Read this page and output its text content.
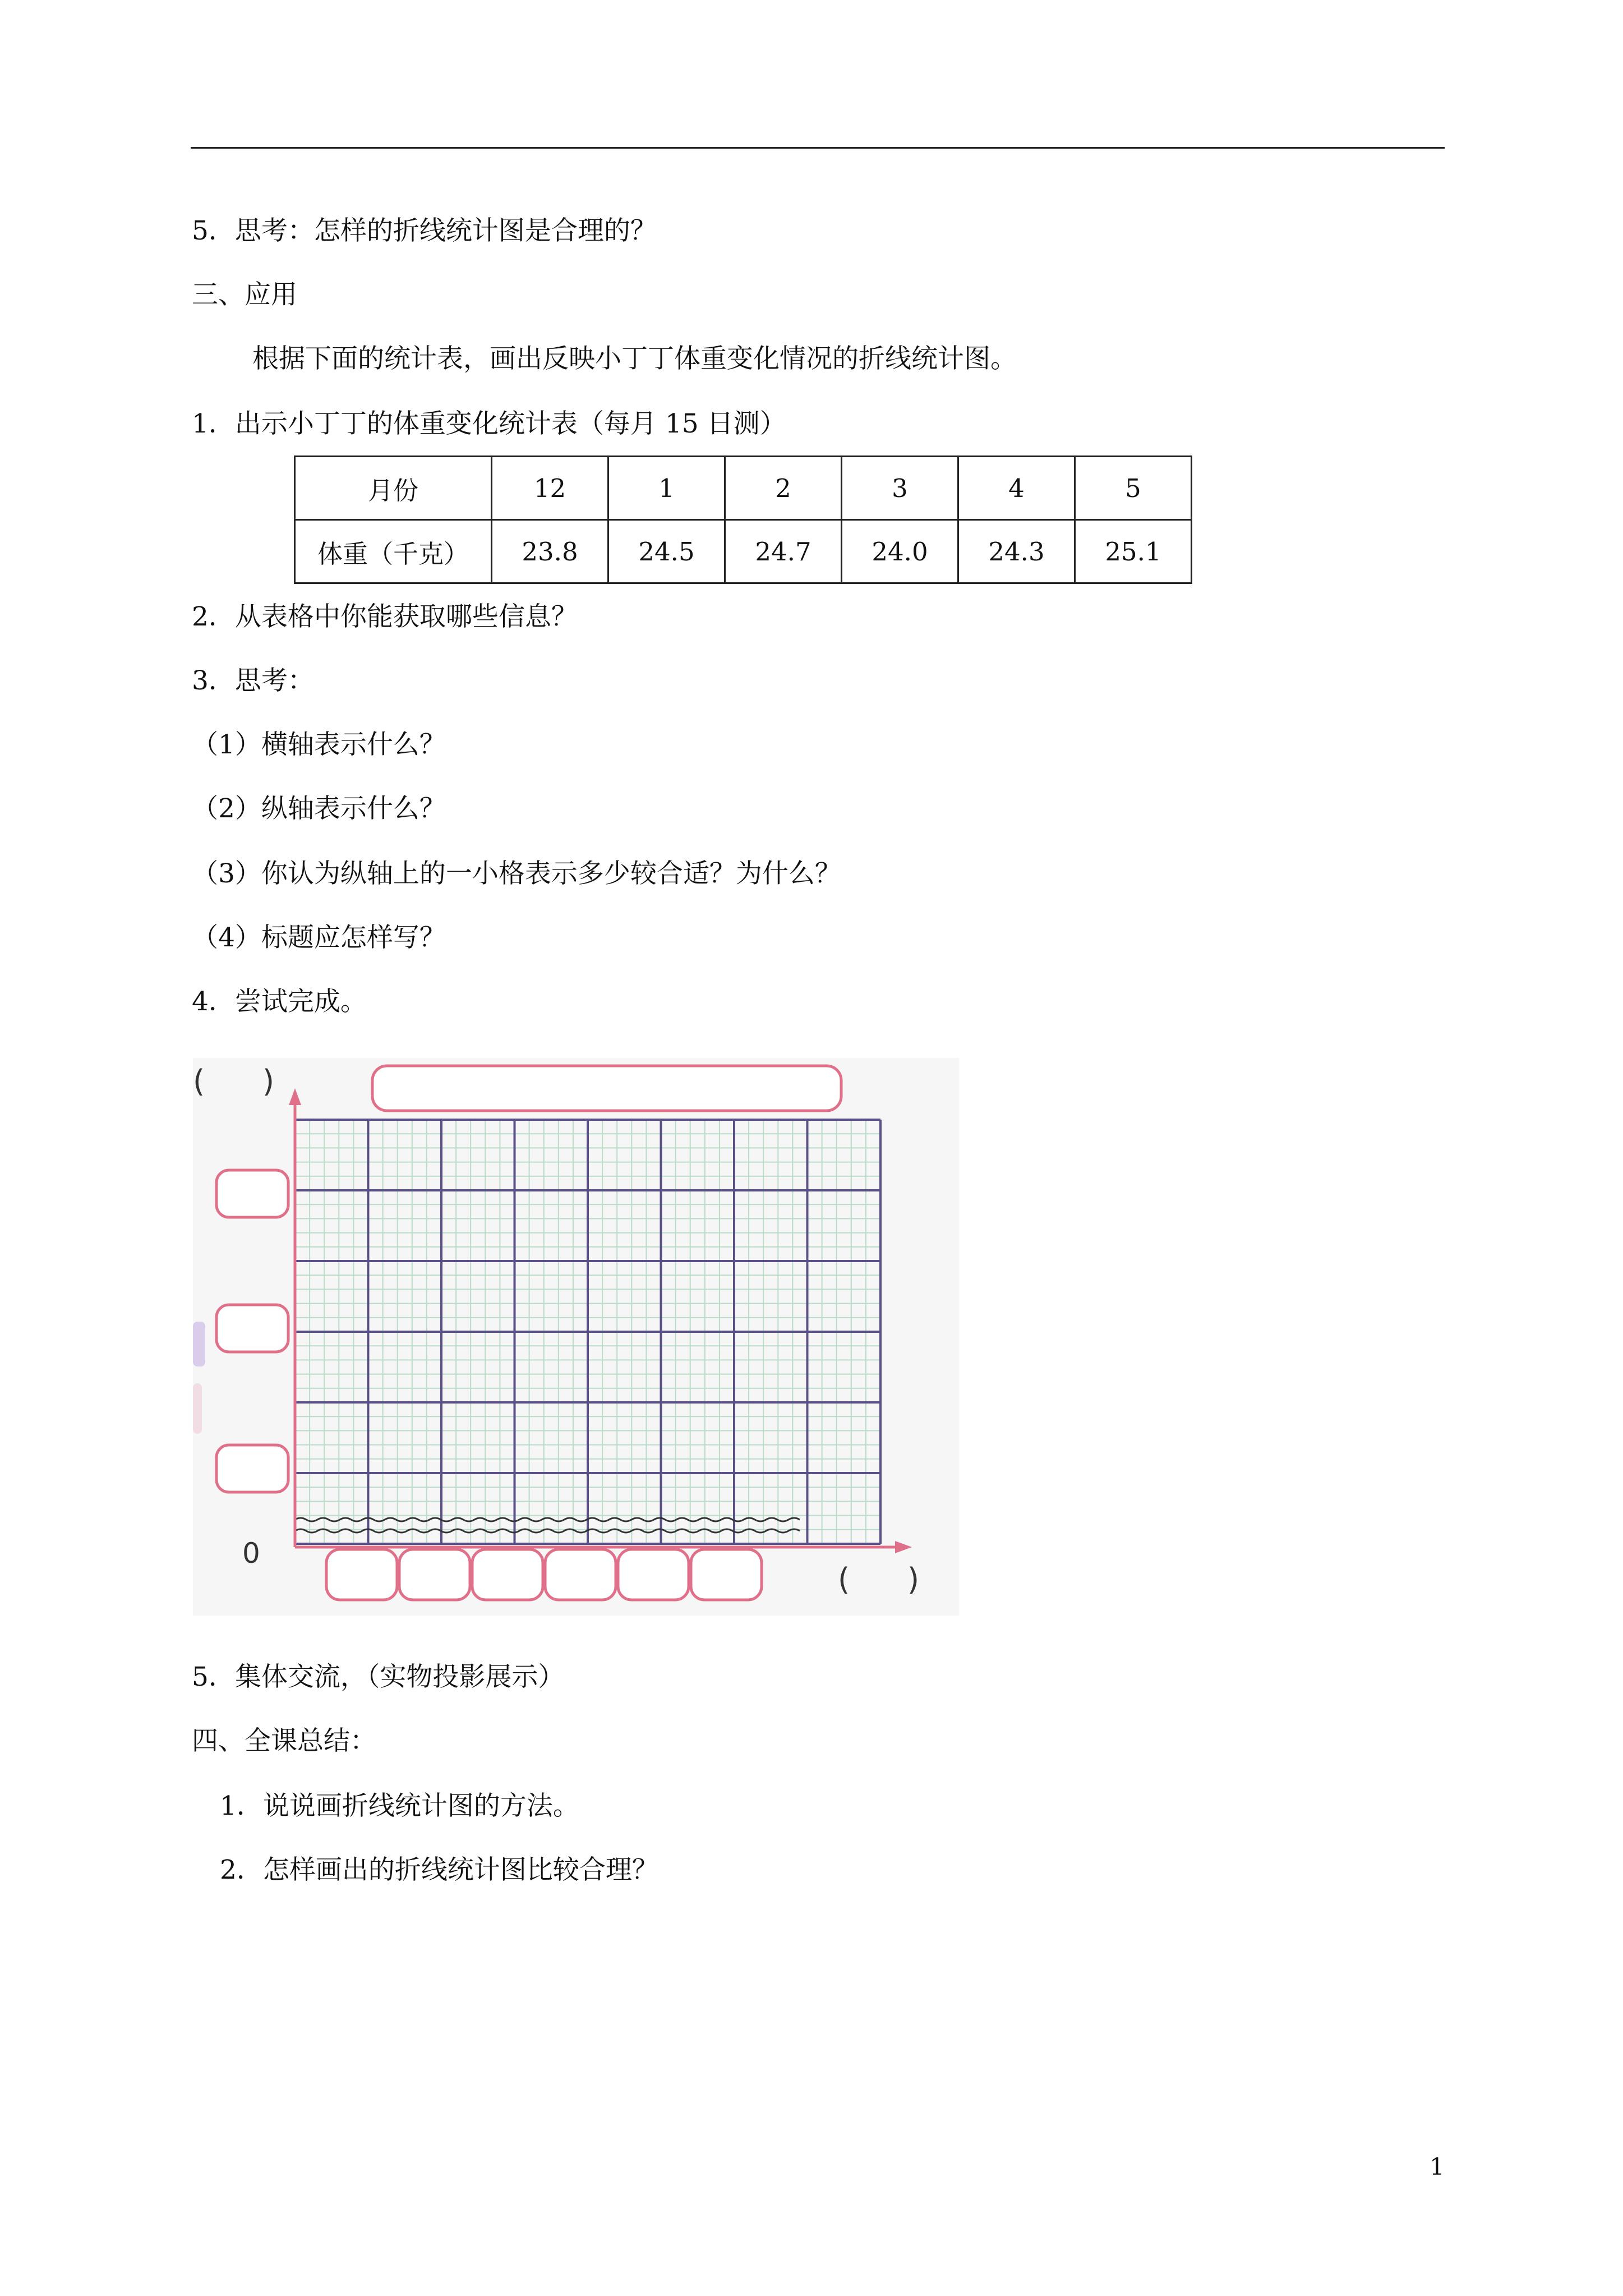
5．思考：怎样的折线统计图是合理的？
三、应用
根据下面的统计表，画出反映小丁丁体重变化情况的折线统计图。
1．出示小丁丁的体重变化统计表（每月 15 日测）
月份	12	1	2	3	4	5
体重（千克）	23.8	24.5	24.7	24.0	24.3	25.1
2．从表格中你能获取哪些信息？
3．思考：
（1）横轴表示什么？
（2）纵轴表示什么？
（3）你认为纵轴上的一小格表示多少较合适？为什么？
（4）标题应怎样写？
4．尝试完成。
(      )
(      )
0
5．集体交流，（实物投影展示）
四、全课总结：
1．说说画折线统计图的方法。
2．怎样画出的折线统计图比较合理？
1
